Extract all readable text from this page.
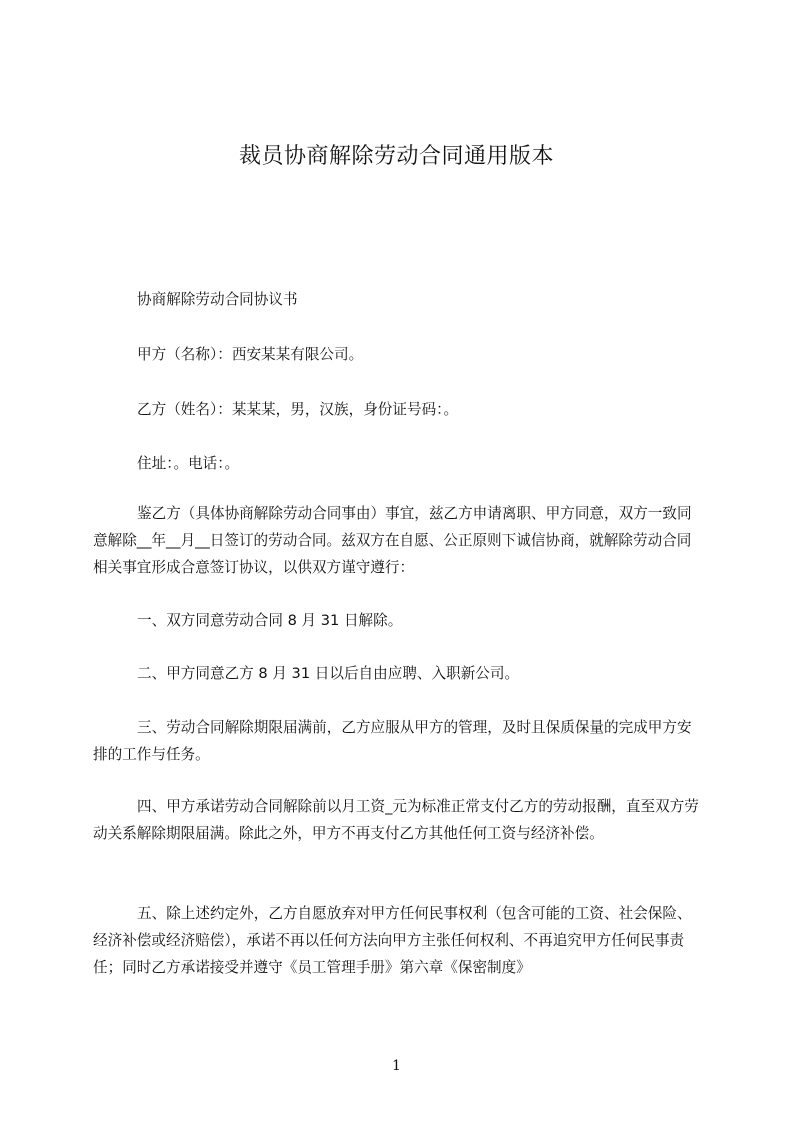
裁员协商解除劳动合同通用版本

协商解除劳动合同协议书

甲方（名称）：西安某某有限公司。

乙方（姓名）：某某某，男，汉族，身份证号码：。

住址：。电话：。

鉴乙方（具体协商解除劳动合同事由）事宜，兹乙方申请离职、甲方同意，双方一致同意解除__年__月__日签订的劳动合同。兹双方在自愿、公正原则下诚信协商，就解除劳动合同相关事宜形成合意签订协议，以供双方谨守遵行：

一、双方同意劳动合同 8 月 31 日解除。

二、甲方同意乙方 8 月 31 日以后自由应聘、入职新公司。

三、劳动合同解除期限届满前，乙方应服从甲方的管理，及时且保质保量的完成甲方安排的工作与任务。

四、甲方承诺劳动合同解除前以月工资_元为标准正常支付乙方的劳动报酬，直至双方劳动关系解除期限届满。除此之外，甲方不再支付乙方其他任何工资与经济补偿。

五、除上述约定外，乙方自愿放弃对甲方任何民事权利（包含可能的工资、社会保险、经济补偿或经济赔偿），承诺不再以任何方法向甲方主张任何权利、不再追究甲方任何民事责任；同时乙方承诺接受并遵守《员工管理手册》第六章《保密制度》

1
